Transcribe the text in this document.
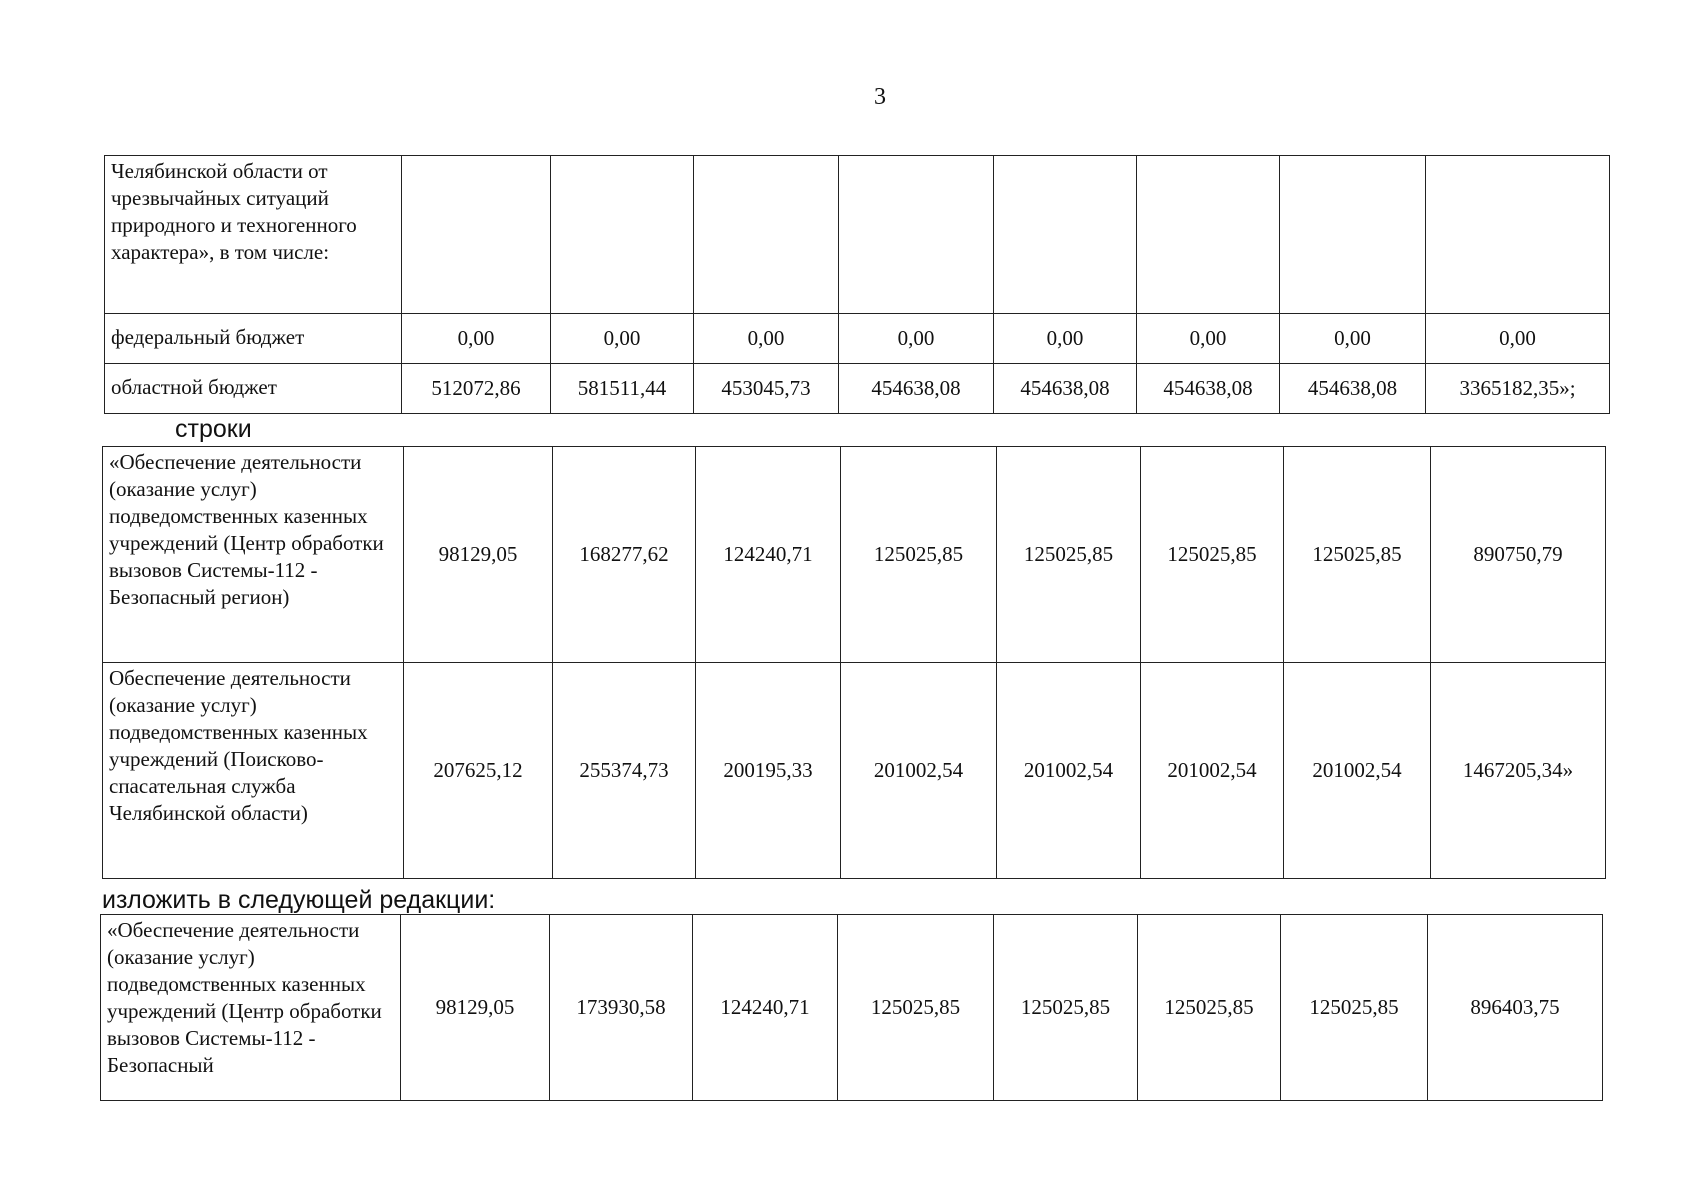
3
Челябинской области от чрезвычайных ситуаций природного и техногенного характера», в том числе:								
федеральный бюджет	0,00	0,00	0,00	0,00	0,00	0,00	0,00	0,00
областной бюджет	512072,86	581511,44	453045,73	454638,08	454638,08	454638,08	454638,08	3365182,35»;
строки
«Обеспечение деятельности (оказание услуг) подведомственных казенных учреждений (Центр обработки вызовов Системы-112 - Безопасный регион)	98129,05	168277,62	124240,71	125025,85	125025,85	125025,85	125025,85	890750,79
Обеспечение деятельности (оказание услуг) подведомственных казенных учреждений (Поисково-спасательная служба Челябинской области)	207625,12	255374,73	200195,33	201002,54	201002,54	201002,54	201002,54	1467205,34»
изложить в следующей редакции:
«Обеспечение деятельности (оказание услуг) подведомственных казенных учреждений (Центр обработки вызовов Системы-112 - Безопасный	98129,05	173930,58	124240,71	125025,85	125025,85	125025,85	125025,85	896403,75
